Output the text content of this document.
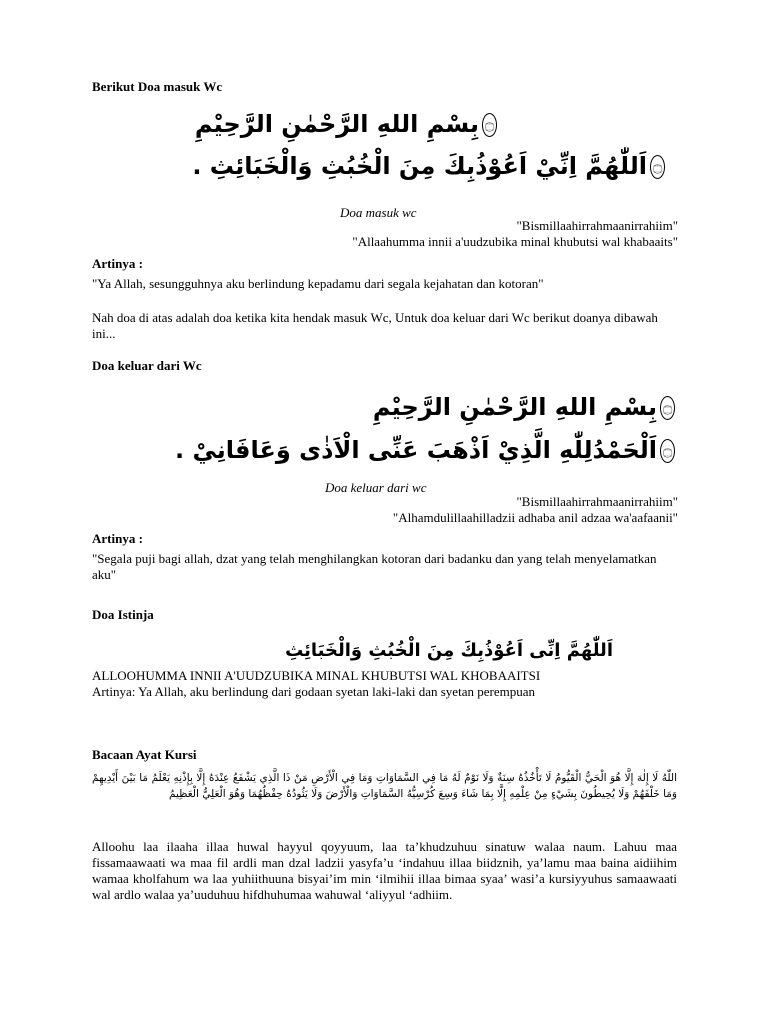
Berikut Doa masuk Wc
۝بِسْمِ اللهِ الرَّحْمٰنِ الرَّحِيْمِ
۝اَللّٰهُمَّ اِنِّيْ اَعُوْذُبِكَ مِنَ الْخُبُثِ وَالْخَبَائِثِ .
Doa masuk wc
"Bismillaahirrahmaanirrahiim"
"Allaahumma innii a'uudzubika minal khubutsi wal khabaaits"
Artinya :
"Ya Allah, sesungguhnya aku berlindung kepadamu dari segala kejahatan dan kotoran"
Nah doa di atas adalah doa ketika kita hendak masuk Wc, Untuk doa keluar dari Wc berikut doanya dibawah ini...
Doa keluar dari Wc
۝بِسْمِ اللهِ الرَّحْمٰنِ الرَّحِيْمِ
۝اَلْحَمْدُلِلّٰهِ الَّذِيْ اَذْهَبَ عَنِّى الْاَذٰى وَعَافَانِيْ .
Doa keluar dari wc
"Bismillaahirrahmaanirrahiim"
"Alhamdulillaahilladzii adhaba anil adzaa wa'aafaanii"
Artinya :
"Segala puji bagi allah, dzat yang telah menghilangkan kotoran dari badanku dan yang telah menyelamatkan aku"
Doa Istinja
اَللّٰهُمَّ اِنِّى اَعُوْذُبِكَ مِنَ الْخُبُثِ وَالْخَبَائِثِ
ALLOOHUMMA INNII A'UUDZUBIKA MINAL KHUBUTSI WAL KHOBAAITSI
Artinya: Ya Allah, aku berlindung dari godaan syetan laki-laki dan syetan perempuan
Bacaan Ayat Kursi
اللّٰهُ لَا إِلٰهَ إِلَّا هُوَ الْحَيُّ الْقَيُّومُ لَا تَأْخُذُهُ سِنَةٌ وَلَا نَوْمٌ لَهُ مَا فِي السَّمَاوَاتِ وَمَا فِي الْأَرْضِ مَنْ ذَا الَّذِي يَشْفَعُ عِنْدَهُ إِلَّا بِإِذْنِهِ يَعْلَمُ مَا بَيْنَ أَيْدِيهِمْ وَمَا خَلْفَهُمْ وَلَا يُحِيطُونَ بِشَيْءٍ مِنْ عِلْمِهِ إِلَّا بِمَا شَاءَ وَسِعَ كُرْسِيُّهُ السَّمَاوَاتِ وَالْأَرْضَ وَلَا يَئُودُهُ حِفْظُهُمَا وَهُوَ الْعَلِيُّ الْعَظِيمُ
Alloohu laa ilaaha illaa huwal hayyul qoyyuum, laa ta’khudzuhuu sinatuw walaa naum. Lahuu maa fissamaawaati wa maa fil ardli man dzal ladzii yasyfa’u ‘indahuu illaa biidznih, ya’lamu maa baina aidiihim wamaa kholfahum wa laa yuhiithuuna bisyai’im min ‘ilmihii illaa bimaa syaa’ wasi’a kursiyyuhus samaawaati wal ardlo walaa ya’uuduhuu hifdhuhumaa wahuwal ‘aliyyul ‘adhiim.
